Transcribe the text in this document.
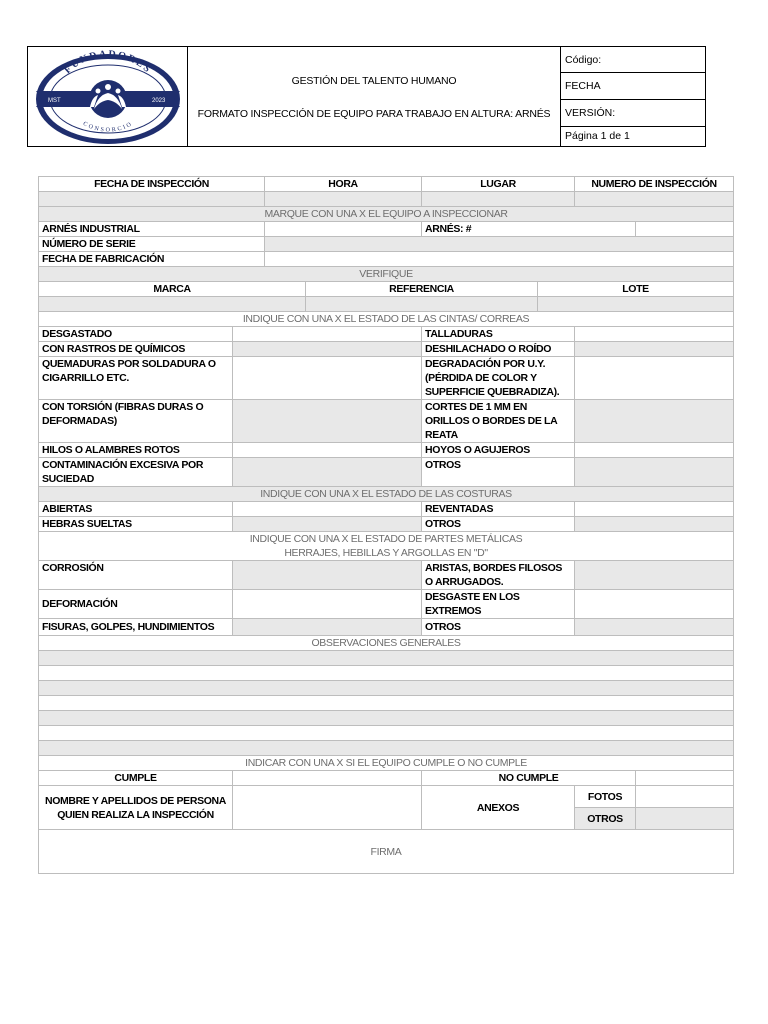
FUNDADORES
CONSORCIO
MST	2023
GESTIÓN DEL TALENTO HUMANO
FORMATO INSPECCIÓN DE EQUIPO PARA TRABAJO EN ALTURA: ARNÉS
Código:
FECHA
VERSIÓN:
Página 1 de 1
FECHA DE INSPECCIÓN		HORA		LUGAR		NUMERO DE INSPECCIÓN	

MARQUE CON UNA X EL EQUIPO A INSPECCIONAR							
ARNÉS INDUSTRIAL				ARNÉS: #			
NÚMERO DE SERIE							
FECHA DE FABRICACIÓN							
VERIFIQUE							
MARCA			REFERENCIA		LOTE		

INDIQUE CON UNA X EL ESTADO DE LAS CINTAS/ CORREAS							
DESGASTADO				TALLADURAS			
CON RASTROS DE QUÍMICOS				DESHILACHADO O ROÍDO			
QUEMADURAS POR SOLDADURA O CIGARRILLO ETC.				DEGRADACIÓN POR U.Y. (PÉRDIDA DE COLOR Y SUPERFICIE QUEBRADIZA).			
CON TORSIÓN (FIBRAS DURAS O DEFORMADAS)				CORTES DE 1 MM EN ORILLOS O BORDES DE LA REATA			
HILOS O ALAMBRES ROTOS				HOYOS O AGUJEROS			
CONTAMINACIÓN EXCESIVA POR SUCIEDAD				OTROS			
INDIQUE CON UNA X EL ESTADO DE LAS COSTURAS							
ABIERTAS				REVENTADAS			
HEBRAS SUELTAS				OTROS			

INDIQUE CON UNA X EL ESTADO DE PARTES METÁLICAS
HERRAJES, HEBILLAS Y ARGOLLAS EN "D"							

CORROSIÓN				ARISTAS, BORDES FILOSOS O ARRUGADOS.			
DEFORMACIÓN				DESGASTE EN LOS EXTREMOS			
FISURAS, GOLPES, HUNDIMIENTOS				OTROS			
OBSERVACIONES GENERALES							

INDICAR CON UNA X SI EL EQUIPO CUMPLE O NO CUMPLE							
CUMPLE				NO CUMPLE			
NOMBRE Y APELLIDOS DE PERSONA QUIEN REALIZA LA INSPECCIÓN				ANEXOS		FOTOS	
						OTROS	
FIRMA							
